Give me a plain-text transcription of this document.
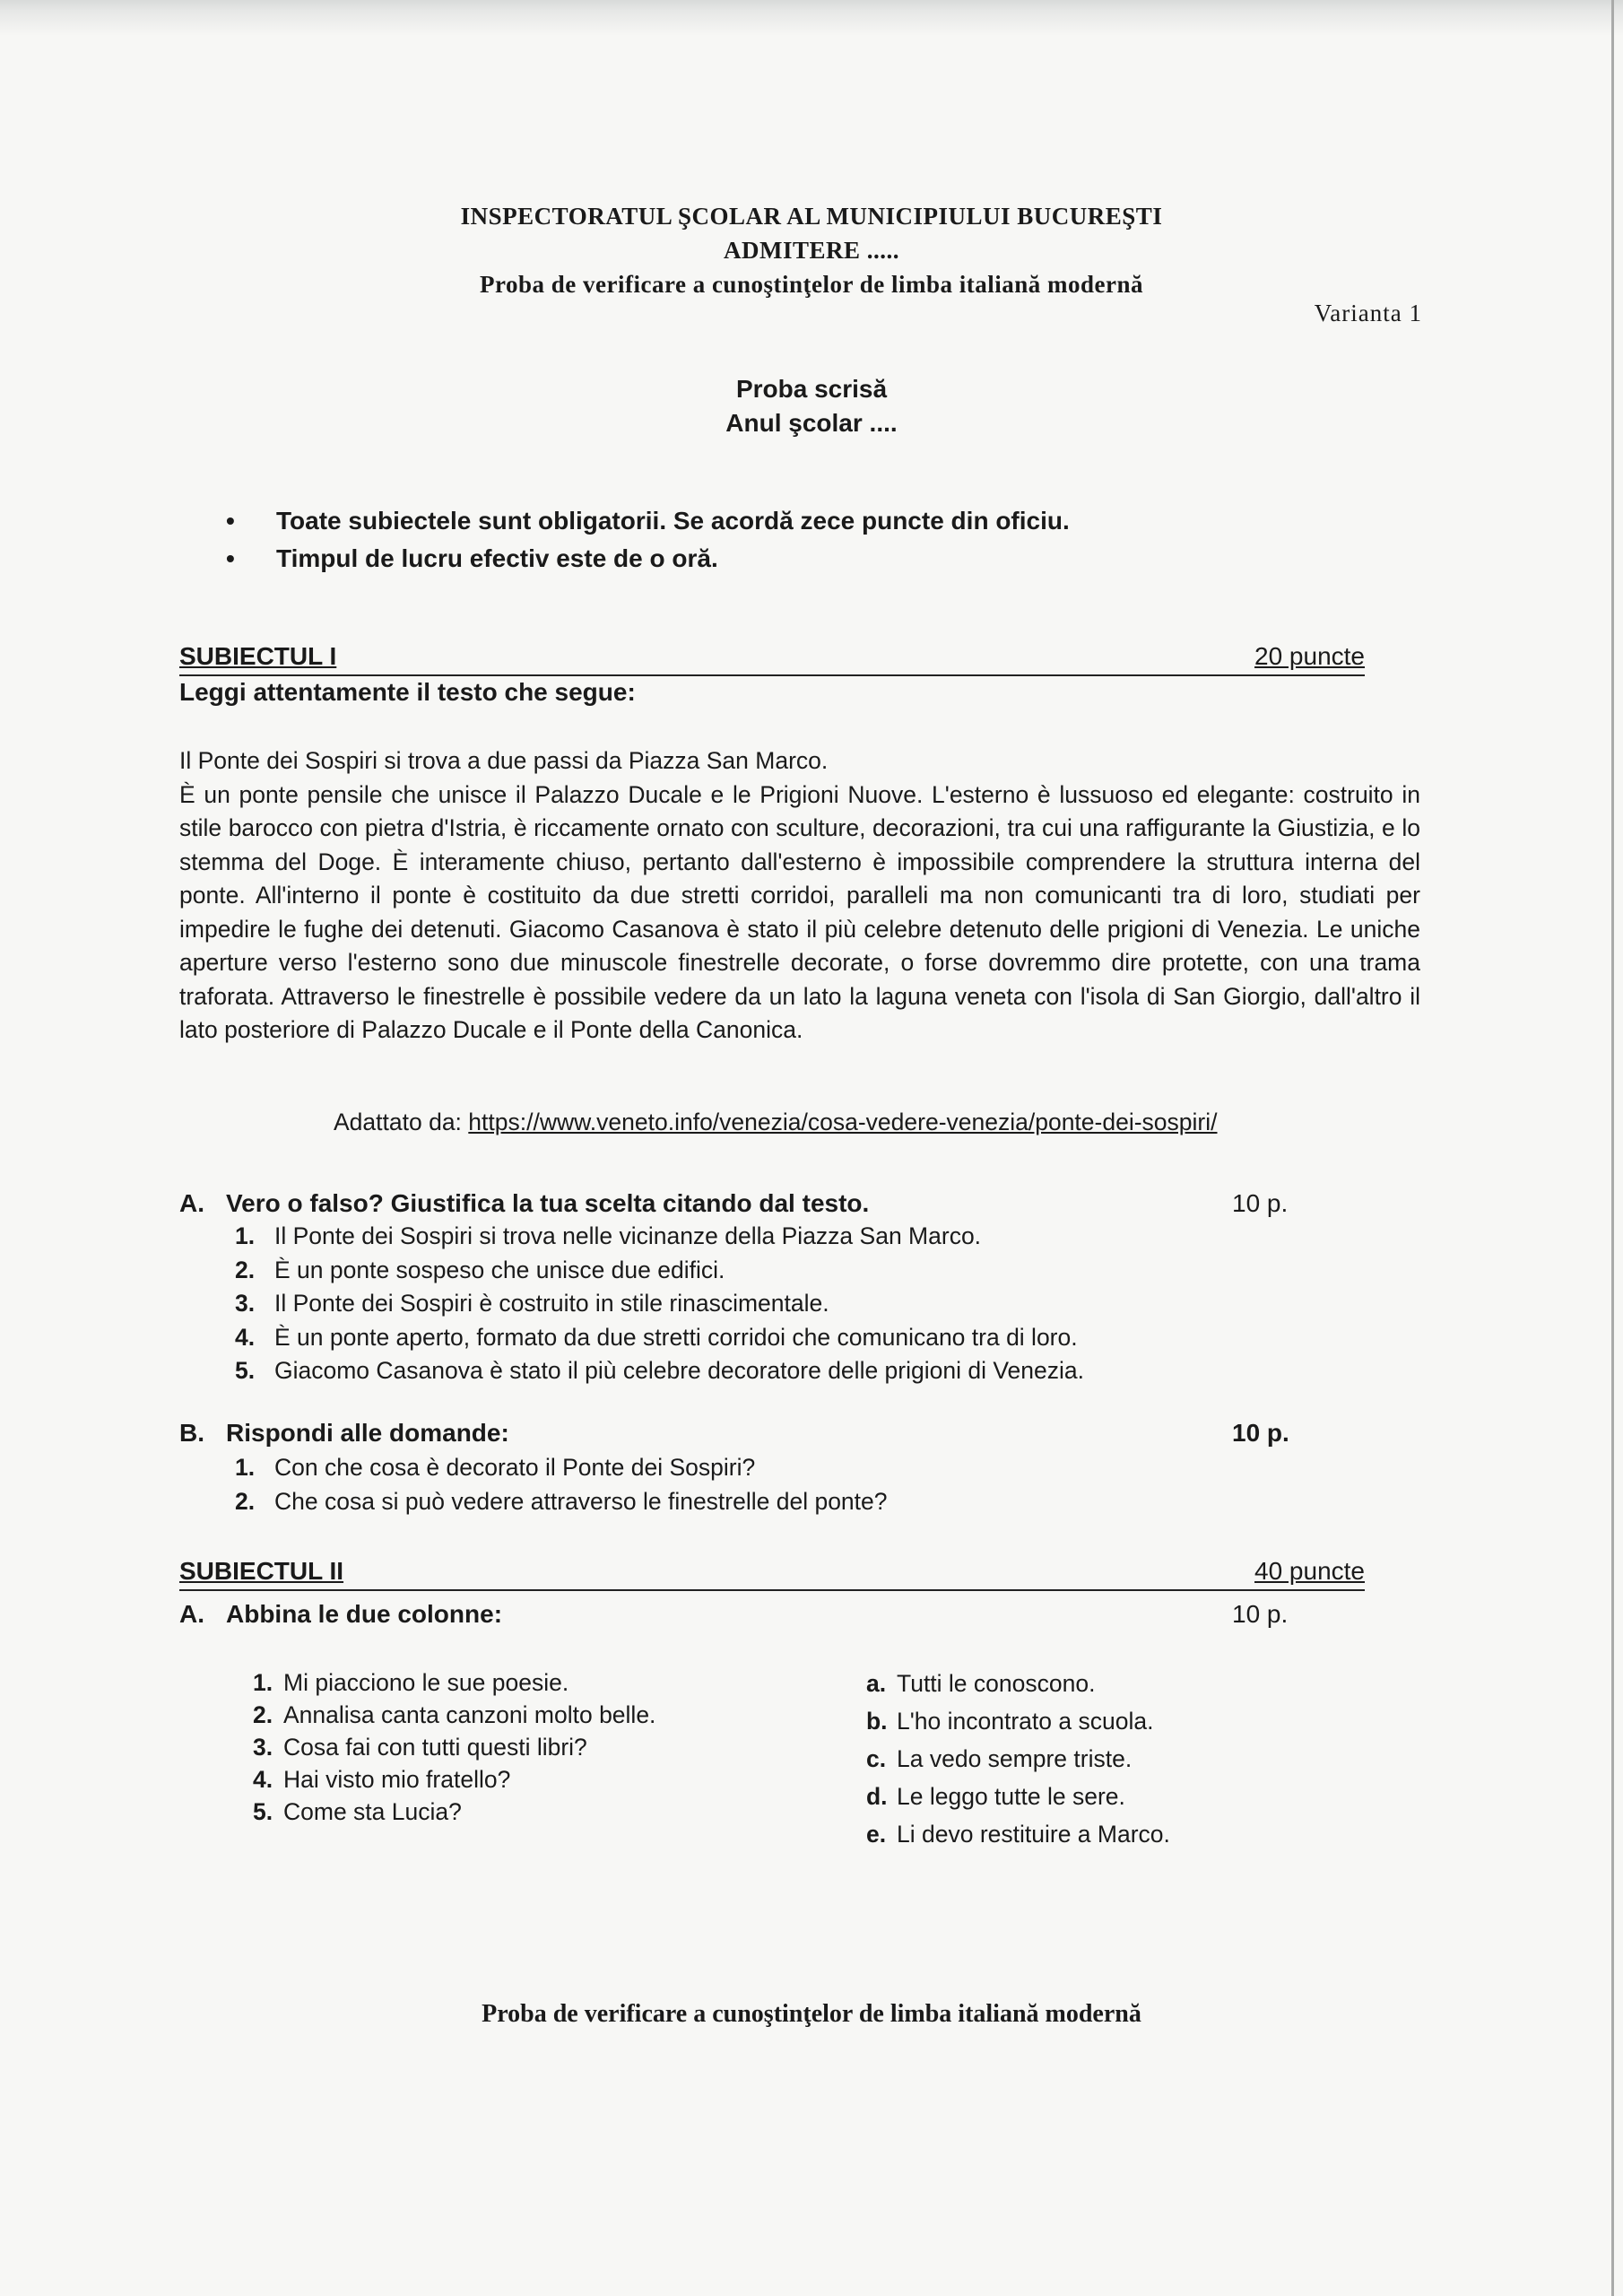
INSPECTORATUL ŞCOLAR AL MUNICIPIULUI BUCUREŞTI
ADMITERE .....
Proba de verificare a cunoştinţelor de limba italiană modernă
Varianta 1
Proba scrisă
Anul şcolar ....
• Toate subiectele sunt obligatorii. Se acordă zece puncte din oficiu.
• Timpul de lucru efectiv este de o oră.
SUBIECTUL I	20 puncte
Leggi attentamente il testo che segue:

Il Ponte dei Sospiri si trova a due passi da Piazza San Marco.

È un ponte pensile che unisce il Palazzo Ducale e le Prigioni Nuove. L'esterno è lussuoso ed elegante: costruito in stile barocco con pietra d'Istria, è riccamente ornato con sculture, decorazioni, tra cui una raffigurante la Giustizia, e lo stemma del Doge. È interamente chiuso, pertanto dall'esterno è impossibile comprendere la struttura interna del ponte. All'interno il ponte è costituito da due stretti corridoi, paralleli ma non comunicanti tra di loro, studiati per impedire le fughe dei detenuti. Giacomo Casanova è stato il più celebre detenuto delle prigioni di Venezia. Le uniche aperture verso l'esterno sono due minuscole finestrelle decorate, o forse dovremmo dire protette, con una trama traforata. Attraverso le finestrelle è possibile vedere da un lato la laguna veneta con l'isola di San Giorgio, dall'altro il lato posteriore di Palazzo Ducale e il Ponte della Canonica.

Adattato da: https://www.veneto.info/venezia/cosa-vedere-venezia/ponte-dei-sospiri/
A. Vero o falso? Giustifica la tua scelta citando dal testo.	10 p.
1. Il Ponte dei Sospiri si trova nelle vicinanze della Piazza San Marco.
2. È un ponte sospeso che unisce due edifici.
3. Il Ponte dei Sospiri è costruito in stile rinascimentale.
4. È un ponte aperto, formato da due stretti corridoi che comunicano tra di loro.
5. Giacomo Casanova è stato il più celebre decoratore delle prigioni di Venezia.
B. Rispondi alle domande:	10 p.
1. Con che cosa è decorato il Ponte dei Sospiri?
2. Che cosa si può vedere attraverso le finestrelle del ponte?
SUBIECTUL II	40 puncte
A. Abbina le due colonne:	10 p.
1. Mi piacciono le sue poesie.
2. Annalisa canta canzoni molto belle.
3. Cosa fai con tutti questi libri?
4. Hai visto mio fratello?
5. Come sta Lucia?
a. Tutti le conoscono.
b. L'ho incontrato a scuola.
c. La vedo sempre triste.
d. Le leggo tutte le sere.
e. Li devo restituire a Marco.
Proba de verificare a cunoştinţelor de limba italiană modernă
